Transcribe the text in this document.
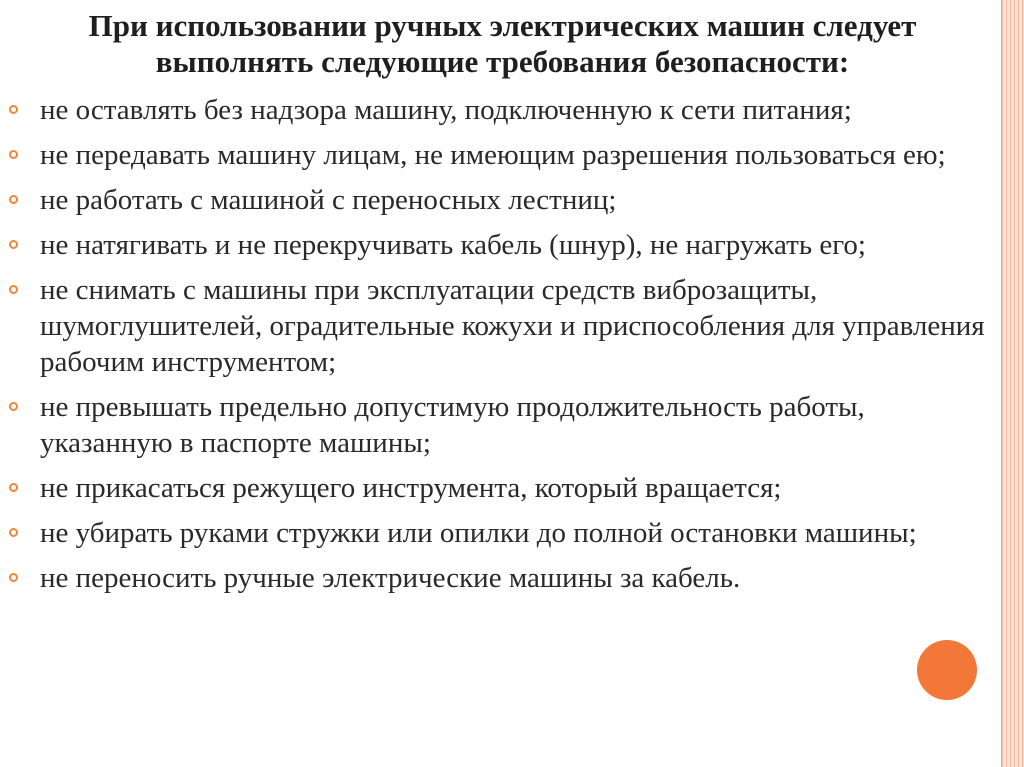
При использовании ручных электрических машин следует выполнять следующие требования безопасности:
не оставлять без надзора машину, подключенную к сети питания;
не передавать машину лицам, не имеющим разрешения пользоваться ею;
не работать с машиной с переносных лестниц;
не натягивать и не перекручивать кабель (шнур), не нагружать его;
не снимать с машины при эксплуатации средств виброзащиты, шумоглушителей, оградительные кожухи и приспособления для управления рабочим инструментом;
не превышать предельно допустимую продолжительность работы, указанную в паспорте машины;
не прикасаться режущего инструмента, который вращается;
не убирать руками стружки или опилки до полной остановки машины;
не переносить ручные электрические машины за кабель.
